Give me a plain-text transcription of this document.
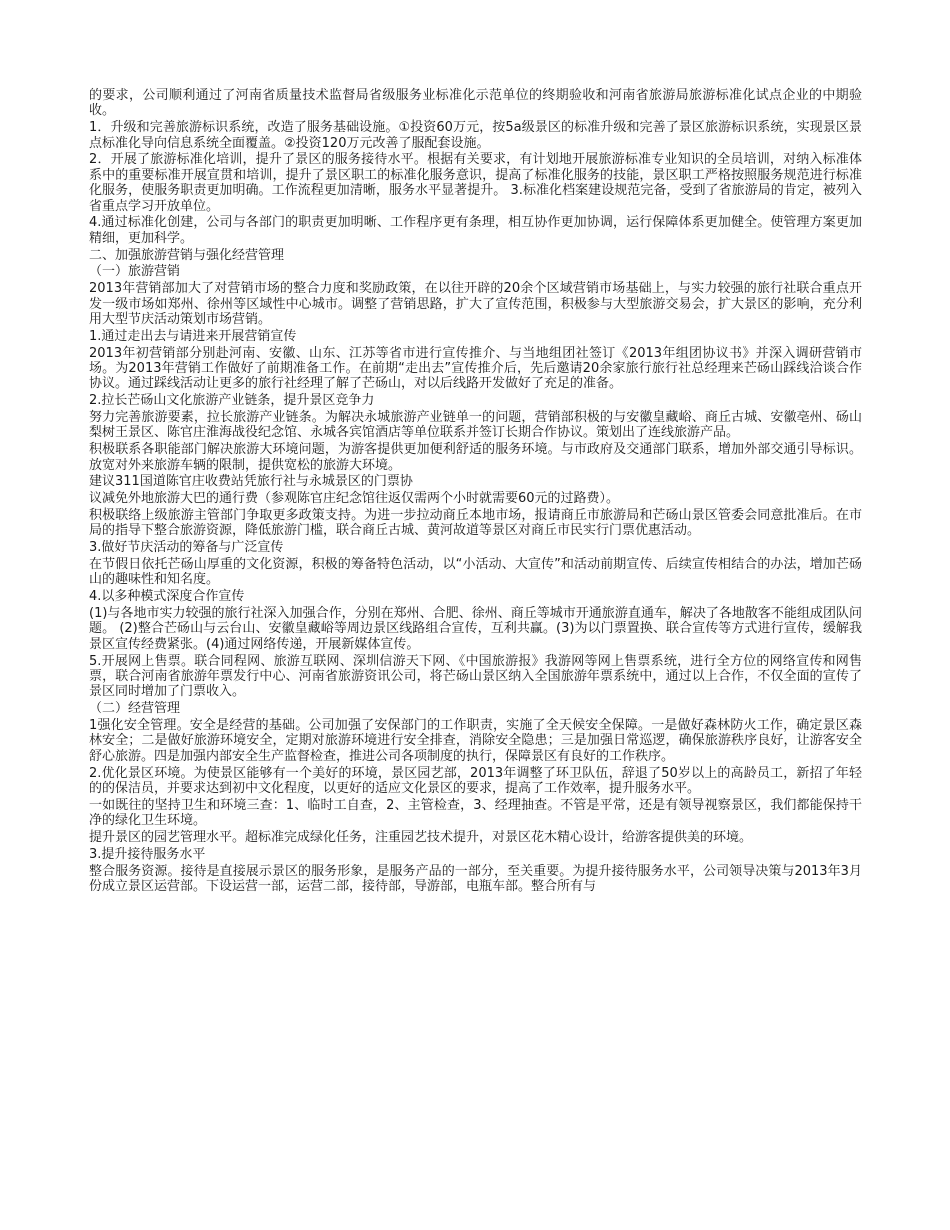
的要求，公司顺利通过了河南省质量技术监督局省级服务业标准化示范单位的终期验收和河南省旅游局旅游标准化试点企业的中期验收。
1．升级和完善旅游标识系统，改造了服务基础设施。①投资60万元，按5a级景区的标准升级和完善了景区旅游标识系统，实现景区景点标准化导向信息系统全面覆盖。②投资120万元改善了服配套设施。
2．开展了旅游标准化培训，提升了景区的服务接待水平。根据有关要求，有计划地开展旅游标准专业知识的全员培训，对纳入标准体系中的重要标准开展宣贯和培训，提升了景区职工的标准化服务意识，提高了标准化服务的技能，景区职工严格按照服务规范进行标准化服务，使服务职责更加明确。工作流程更加清晰，服务水平显著提升。 3.标准化档案建设规范完备，受到了省旅游局的肯定，被列入省重点学习开放单位。
4.通过标准化创建，公司与各部门的职责更加明晰、工作程序更有条理，相互协作更加协调，运行保障体系更加健全。使管理方案更加精细，更加科学。
二、加强旅游营销与强化经营管理
（一）旅游营销
2013年营销部加大了对营销市场的整合力度和奖励政策，在以往开辟的20余个区域营销市场基础上，与实力较强的旅行社联合重点开发一级市场如郑州、徐州等区域性中心城市。调整了营销思路，扩大了宣传范围，积极参与大型旅游交易会，扩大景区的影响，充分利用大型节庆活动策划市场营销。
1.通过走出去与请进来开展营销宣传
2013年初营销部分别赴河南、安徽、山东、江苏等省市进行宣传推介、与当地组团社签订《2013年组团协议书》并深入调研营销市场。为2013年营销工作做好了前期准备工作。在前期“走出去”宣传推介后，先后邀请20余家旅行旅行社总经理来芒砀山踩线洽谈合作协议。通过踩线活动让更多的旅行社经理了解了芒砀山，对以后线路开发做好了充足的准备。
2.拉长芒砀山文化旅游产业链条，提升景区竞争力
努力完善旅游要素，拉长旅游产业链条。为解决永城旅游产业链单一的问题，营销部积极的与安徽皇藏峪、商丘古城、安徽亳州、砀山梨树王景区、陈官庄淮海战役纪念馆、永城各宾馆酒店等单位联系并签订长期合作协议。策划出了连线旅游产品。
积极联系各职能部门解决旅游大环境问题，为游客提供更加便利舒适的服务环境。与市政府及交通部门联系，增加外部交通引导标识。放宽对外来旅游车辆的限制，提供宽松的旅游大环境。
建议311国道陈官庄收费站凭旅行社与永城景区的门票协
议减免外地旅游大巴的通行费（参观陈官庄纪念馆往返仅需两个小时就需要60元的过路费）。
积极联络上级旅游主管部门争取更多政策支持。为进一步拉动商丘本地市场，报请商丘市旅游局和芒砀山景区管委会同意批准后。在市局的指导下整合旅游资源，降低旅游门槛，联合商丘古城、黄河故道等景区对商丘市民实行门票优惠活动。
3.做好节庆活动的筹备与广泛宣传
在节假日依托芒砀山厚重的文化资源，积极的筹备特色活动，以“小活动、大宣传”和活动前期宣传、后续宣传相结合的办法，增加芒砀山的趣味性和知名度。
4.以多种模式深度合作宣传
(1)与各地市实力较强的旅行社深入加强合作，分别在郑州、合肥、徐州、商丘等城市开通旅游直通车，解决了各地散客不能组成团队问题。 (2)整合芒砀山与云台山、安徽皇藏峪等周边景区线路组合宣传，互利共赢。(3)为以门票置换、联合宣传等方式进行宣传，缓解我景区宣传经费紧张。(4)通过网络传递，开展新媒体宣传。
5.开展网上售票。联合同程网、旅游互联网、深圳信游天下网、《中国旅游报》我游网等网上售票系统，进行全方位的网络宣传和网售票，联合河南省旅游年票发行中心、河南省旅游资讯公司，将芒砀山景区纳入全国旅游年票系统中，通过以上合作，不仅全面的宣传了景区同时增加了门票收入。
（二）经营管理
1强化安全管理。安全是经营的基础。公司加强了安保部门的工作职责，实施了全天候安全保障。一是做好森林防火工作，确定景区森林安全；二是做好旅游环境安全，定期对旅游环境进行安全排查，消除安全隐患；三是加强日常巡逻，确保旅游秩序良好，让游客安全舒心旅游。四是加强内部安全生产监督检查，推进公司各项制度的执行，保障景区有良好的工作秩序。
2.优化景区环境。为使景区能够有一个美好的环境，景区园艺部，2013年调整了环卫队伍，辞退了50岁以上的高龄员工，新招了年轻的的保洁员，并要求达到初中文化程度，以更好的适应文化景区的要求，提高了工作效率，提升服务水平。
一如既往的坚持卫生和环境三查：1、临时工自查，2、主管检查，3、经理抽查。不管是平常，还是有领导视察景区，我们都能保持干净的绿化卫生环境。
提升景区的园艺管理水平。超标准完成绿化任务，注重园艺技术提升，对景区花木精心设计，给游客提供美的环境。
3.提升接待服务水平
整合服务资源。接待是直接展示景区的服务形象，是服务产品的一部分，至关重要。为提升接待服务水平，公司领导决策与2013年3月份成立景区运营部。下设运营一部，运营二部，接待部，导游部，电瓶车部。整合所有与
